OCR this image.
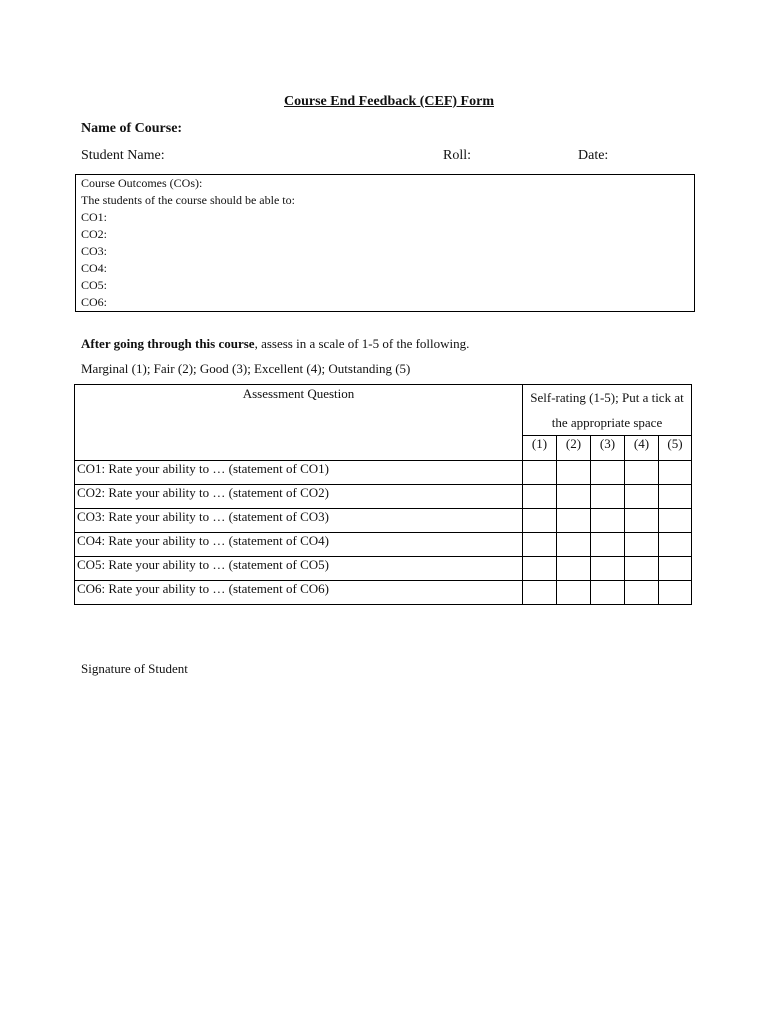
Course End Feedback (CEF) Form
Name of Course:
Student Name:	Roll:	Date:
Course Outcomes (COs):
The students of the course should be able to:
CO1:
CO2:
CO3:
CO4:
CO5:
CO6:
After going through this course, assess in a scale of 1-5 of the following.
Marginal (1); Fair (2); Good (3); Excellent (4); Outstanding (5)
Assessment Question	Self-rating (1-5); Put a tick at the appropriate space				
	(1)	(2)	(3)	(4)	(5)
CO1: Rate your ability to … (statement of CO1)					
CO2: Rate your ability to … (statement of CO2)					
CO3: Rate your ability to … (statement of CO3)					
CO4: Rate your ability to … (statement of CO4)					
CO5: Rate your ability to … (statement of CO5)					
CO6: Rate your ability to … (statement of CO6)					
Signature of Student
